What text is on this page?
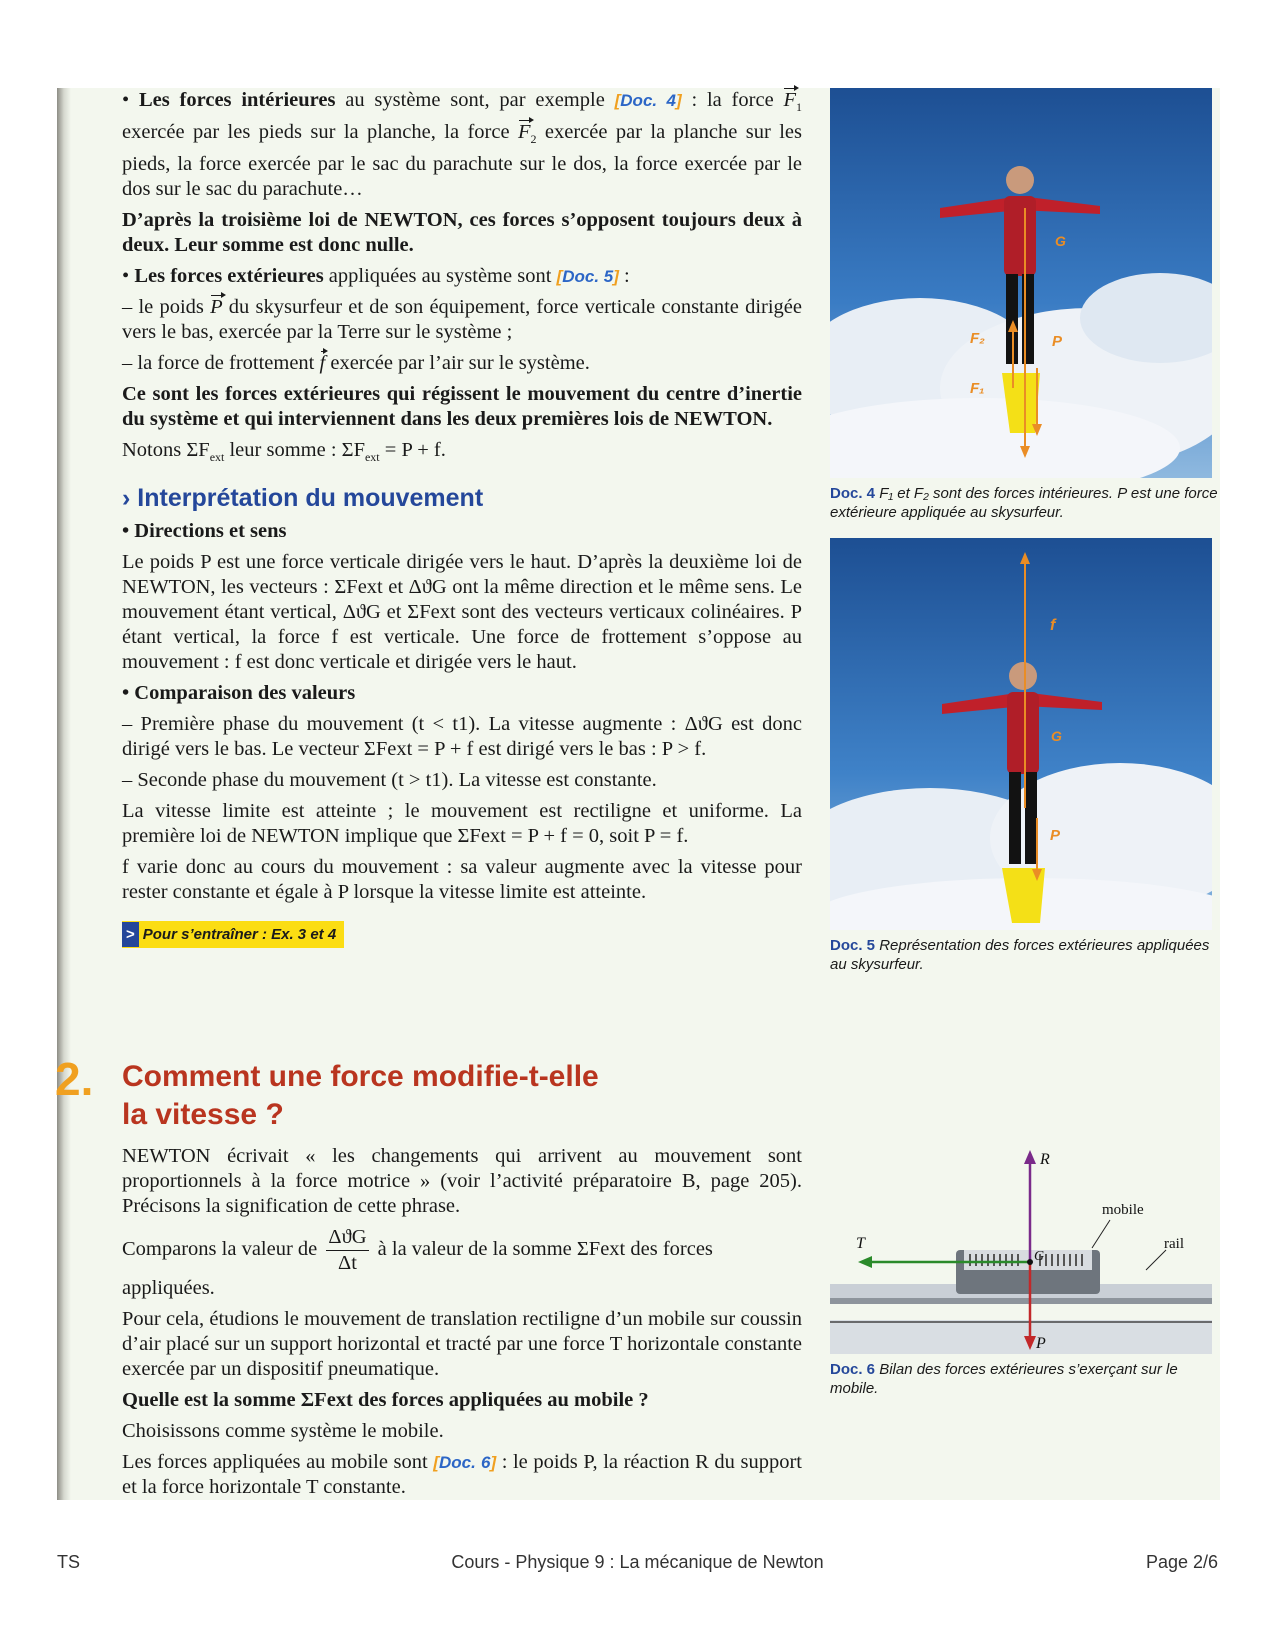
• Les forces intérieures au système sont, par exemple [Doc. 4] : la force $F_1$ exercée par les pieds sur la planche, la force $F_2$ exercée par la planche sur les pieds, la force exercée par le sac du parachute sur le dos, la force exercée par le dos sur le sac du parachute…

D’après la troisième loi de NEWTON, ces forces s’opposent toujours deux à deux. Leur somme est donc nulle.

• Les forces extérieures appliquées au système sont [Doc. 5] :

– le poids P du skysurfeur et de son équipement, force verticale constante dirigée vers le bas, exercée par la Terre sur le système ;

– la force de frottement f exercée par l’air sur le système.

Ce sont les forces extérieures qui régissent le mouvement du centre d’inertie du système et qui interviennent dans les deux premières lois de NEWTON.

Notons $\Sigma F_{ext}$ leur somme : $\Sigma F_{ext} = P + f$.

› Interprétation du mouvement

• Directions et sens

Le poids P est une force verticale dirigée vers le haut. D’après la deuxième loi de NEWTON, les vecteurs : ΣFext et ΔϑG ont la même direction et le même sens. Le mouvement étant vertical, ΔϑG et ΣFext sont des vecteurs verticaux colinéaires. P étant vertical, la force f est verticale. Une force de frottement s’oppose au mouvement : f est donc verticale et dirigée vers le haut.

• Comparaison des valeurs

– Première phase du mouvement (t < t1). La vitesse augmente : ΔϑG est donc dirigé vers le bas. Le vecteur ΣFext = P + f est dirigé vers le bas : P > f.

– Seconde phase du mouvement (t > t1). La vitesse est constante.

La vitesse limite est atteinte ; le mouvement est rectiligne et uniforme. La première loi de NEWTON implique que ΣFext = P + f = 0, soit P = f.

f varie donc au cours du mouvement : sa valeur augmente avec la vitesse pour rester constante et égale à P lorsque la vitesse limite est atteinte.

> Pour s’entraîner : Ex. 3 et 4
2. Comment une force modifie-t-elle
la vitesse ?

NEWTON écrivait « les changements qui arrivent au mouvement sont proportionnels à la force motrice » (voir l’activité préparatoire B, page 205). Précisons la signification de cette phrase.

Comparons la valeur de $\frac{\text{ΔϑG}}{\Delta t}$ à la valeur de la somme ΣFext des forces appliquées.

Pour cela, étudions le mouvement de translation rectiligne d’un mobile sur coussin d’air placé sur un support horizontal et tracté par une force T horizontale constante exercée par un dispositif pneumatique.

Quelle est la somme ΣFext des forces appliquées au mobile ?

Choisissons comme système le mobile.

Les forces appliquées au mobile sont [Doc. 6] : le poids P, la réaction R du support et la force horizontale T constante.

G
F₂	P
F₁
Doc. 4 F₁ et F₂ sont des forces intérieures. P est une force extérieure appliquée au skysurfeur.
f
G
P
Doc. 5 Représentation des forces extérieures appliquées au skysurfeur.
R
T
G
P
mobile
rail
Doc. 6 Bilan des forces extérieures s’exerçant sur le mobile.
TS	Cours - Physique 9 : La mécanique de Newton	Page 2/6
